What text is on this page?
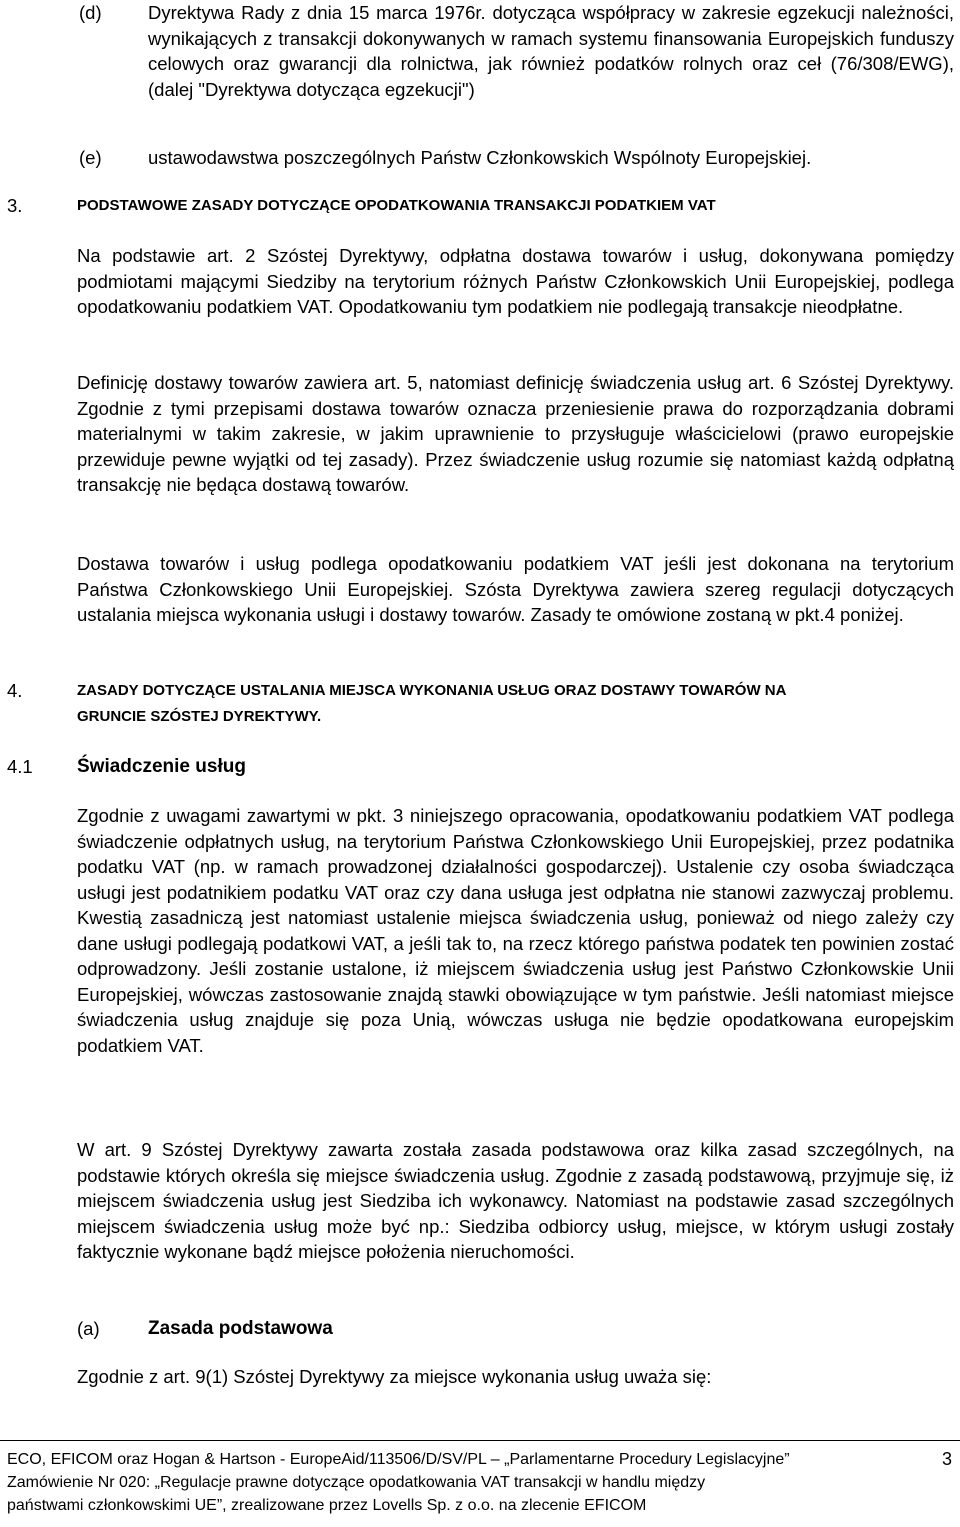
(d)	Dyrektywa Rady z dnia 15 marca 1976r. dotycząca współpracy w zakresie egzekucji należności, wynikających z transakcji dokonywanych w ramach systemu finansowania Europejskich funduszy celowych oraz gwarancji dla rolnictwa, jak również podatków rolnych oraz ceł (76/308/EWG), (dalej "Dyrektywa dotycząca egzekucji")
(e)	ustawodawstwa poszczególnych Państw Członkowskich Wspólnoty Europejskiej.
3.	PODSTAWOWE ZASADY DOTYCZĄCE OPODATKOWANIA TRANSAKCJI PODATKIEM VAT
Na podstawie art. 2 Szóstej Dyrektywy, odpłatna dostawa towarów i usług, dokonywana pomiędzy podmiotami mającymi Siedziby na terytorium różnych Państw Członkowskich Unii Europejskiej, podlega opodatkowaniu podatkiem VAT. Opodatkowaniu tym podatkiem nie podlegają transakcje nieodpłatne.
Definicję dostawy towarów zawiera art. 5, natomiast definicję świadczenia usług art. 6 Szóstej Dyrektywy. Zgodnie z tymi przepisami dostawa towarów oznacza przeniesienie prawa do rozporządzania dobrami materialnymi w takim zakresie, w jakim uprawnienie to przysługuje właścicielowi (prawo europejskie przewiduje pewne wyjątki od tej zasady). Przez świadczenie usług rozumie się natomiast każdą odpłatną transakcję nie będąca dostawą towarów.
Dostawa towarów i usług podlega opodatkowaniu podatkiem VAT jeśli jest dokonana na terytorium Państwa Członkowskiego Unii Europejskiej. Szósta Dyrektywa zawiera szereg regulacji dotyczących ustalania miejsca wykonania usługi i dostawy towarów. Zasady te omówione zostaną w pkt.4 poniżej.
4.	ZASADY DOTYCZĄCE USTALANIA MIEJSCA WYKONANIA USŁUG ORAZ DOSTAWY TOWARÓW NA
GRUNCIE SZÓSTEJ DYREKTYWY.
4.1 Świadczenie usług
Zgodnie z uwagami zawartymi w pkt. 3 niniejszego opracowania, opodatkowaniu podatkiem VAT podlega świadczenie odpłatnych usług, na terytorium Państwa Członkowskiego Unii Europejskiej, przez podatnika podatku VAT (np. w ramach prowadzonej działalności gospodarczej). Ustalenie czy osoba świadcząca usługi jest podatnikiem podatku VAT oraz czy dana usługa jest odpłatna nie stanowi zazwyczaj problemu. Kwestią zasadniczą jest natomiast ustalenie miejsca świadczenia usług, ponieważ od niego zależy czy dane usługi podlegają podatkowi VAT, a jeśli tak to, na rzecz którego państwa podatek ten powinien zostać odprowadzony. Jeśli zostanie ustalone, iż miejscem świadczenia usług jest Państwo Członkowskie Unii Europejskiej, wówczas zastosowanie znajdą stawki obowiązujące w tym państwie. Jeśli natomiast miejsce świadczenia usług znajduje się poza Unią, wówczas usługa nie będzie opodatkowana europejskim podatkiem VAT.
W art. 9 Szóstej Dyrektywy zawarta została zasada podstawowa oraz kilka zasad szczególnych, na podstawie których określa się miejsce świadczenia usług. Zgodnie z zasadą podstawową, przyjmuje się, iż miejscem świadczenia usług jest Siedziba ich wykonawcy. Natomiast na podstawie zasad szczególnych miejscem świadczenia usług może być np.: Siedziba odbiorcy usług, miejsce, w którym usługi zostały faktycznie wykonane bądź miejsce położenia nieruchomości.
(a)	Zasada podstawowa
Zgodnie z art. 9(1) Szóstej Dyrektywy za miejsce wykonania usług uważa się:
ECO, EFICOM oraz Hogan & Hartson - EuropeAid/113506/D/SV/PL – „Parlamentarne Procedury Legislacyjne”
Zamówienie Nr 020: „Regulacje prawne dotyczące opodatkowania VAT transakcji w handlu między
państwami członkowskimi UE”, zrealizowane przez Lovells Sp. z o.o. na zlecenie EFICOM
3
